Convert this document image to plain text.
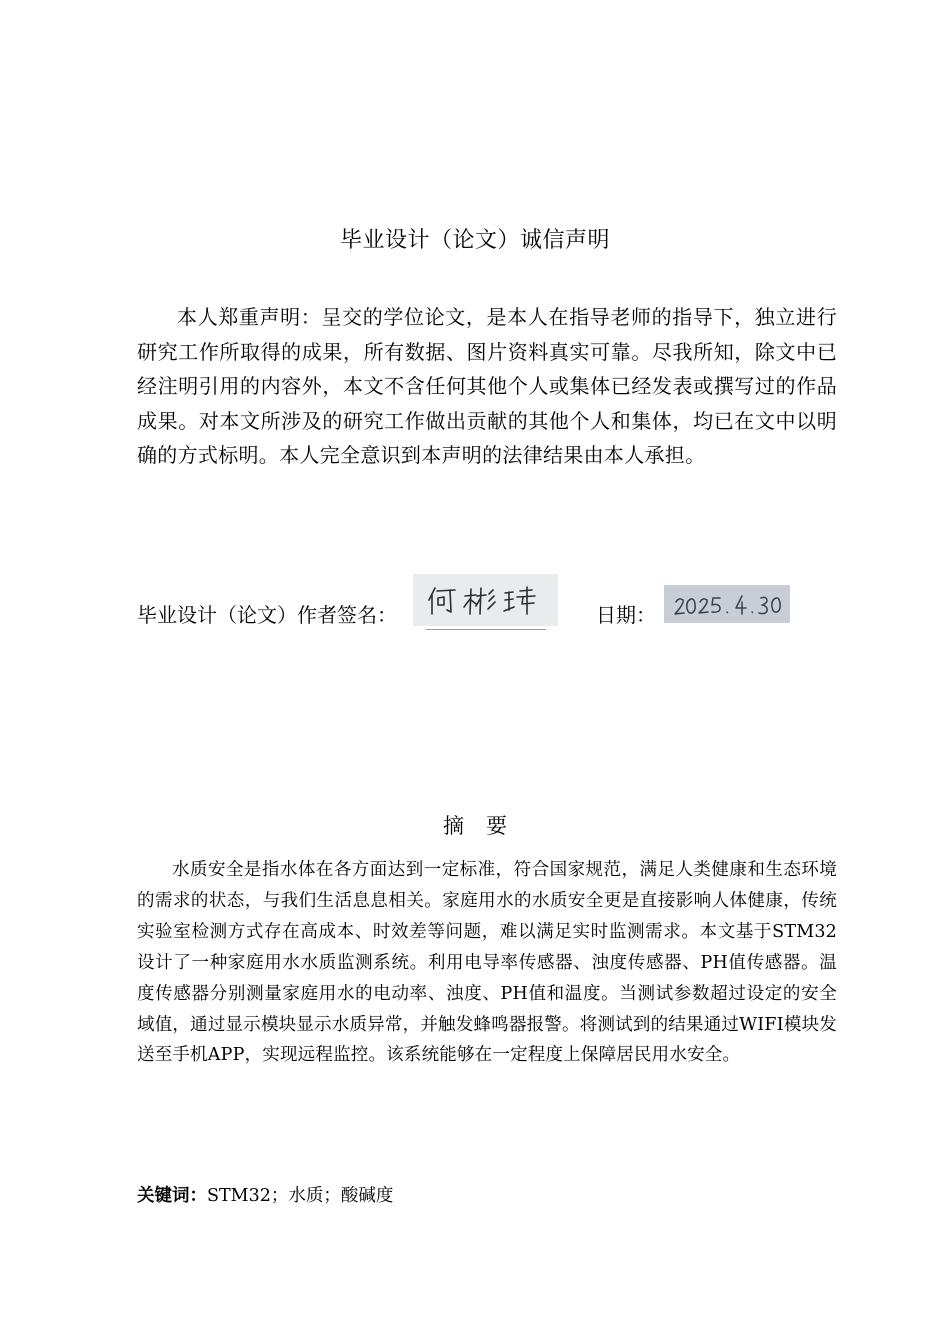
毕业设计（论文）诚信声明

本人郑重声明：呈交的学位论文，是本人在指导老师的指导下，独立进行研究工作所取得的成果，所有数据、图片资料真实可靠。尽我所知，除文中已经注明引用的内容外，本文不含任何其他个人或集体已经发表或撰写过的作品成果。对本文所涉及的研究工作做出贡献的其他个人和集体，均已在文中以明确的方式标明。本人完全意识到本声明的法律结果由本人承担。

毕业设计（论文）作者签名：	日期：
摘 要

水质安全是指水体在各方面达到一定标准，符合国家规范，满足人类健康和生态环境的需求的状态，与我们生活息息相关。家庭用水的水质安全更是直接影响人体健康，传统实验室检测方式存在高成本、时效差等问题，难以满足实时监测需求。本文基于STM32设计了一种家庭用水水质监测系统。利用电导率传感器、浊度传感器、PH值传感器。温度传感器分别测量家庭用水的电动率、浊度、PH值和温度。当测试参数超过设定的安全域值，通过显示模块显示水质异常，并触发蜂鸣器报警。将测试到的结果通过WIFI模块发送至手机APP，实现远程监控。该系统能够在一定程度上保障居民用水安全。

关键词：STM32；水质；酸碱度
